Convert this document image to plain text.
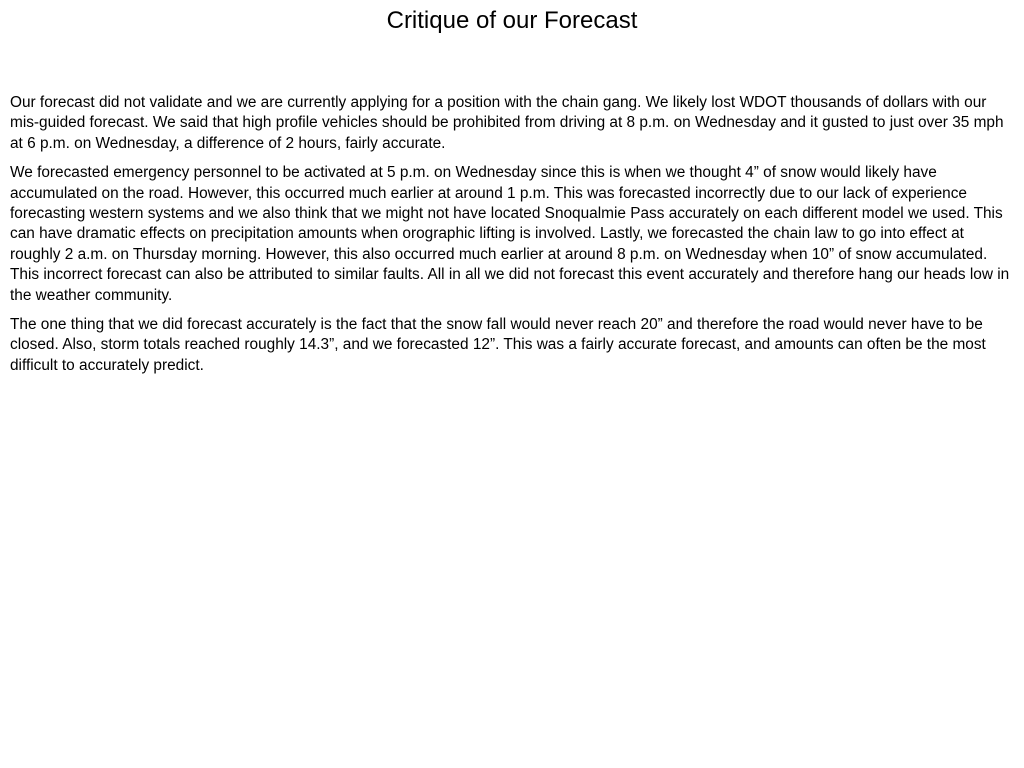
Critique of our Forecast

Our forecast did not validate and we are currently applying for a position with the chain gang. We likely lost WDOT thousands of dollars with our mis-guided forecast. We said that high profile vehicles should be prohibited from driving at 8 p.m. on Wednesday and it gusted to just over 35 mph at 6 p.m. on Wednesday, a difference of 2 hours, fairly accurate.

We forecasted emergency personnel to be activated at 5 p.m. on Wednesday since this is when we thought 4” of snow would likely have accumulated on the road. However, this occurred much earlier at around 1 p.m. This was forecasted incorrectly due to our lack of experience forecasting western systems and we also think that we might not have located Snoqualmie Pass accurately on each different model we used. This can have dramatic effects on precipitation amounts when orographic lifting is involved. Lastly, we forecasted the chain law to go into effect at roughly 2 a.m. on Thursday morning. However, this also occurred much earlier at around 8 p.m. on Wednesday when 10” of snow accumulated. This incorrect forecast can also be attributed to similar faults. All in all we did not forecast this event accurately and therefore hang our heads low in the weather community.

The one thing that we did forecast accurately is the fact that the snow fall would never reach 20” and therefore the road would never have to be closed. Also, storm totals reached roughly 14.3”, and we forecasted 12”. This was a fairly accurate forecast, and amounts can often be the most difficult to accurately predict.
